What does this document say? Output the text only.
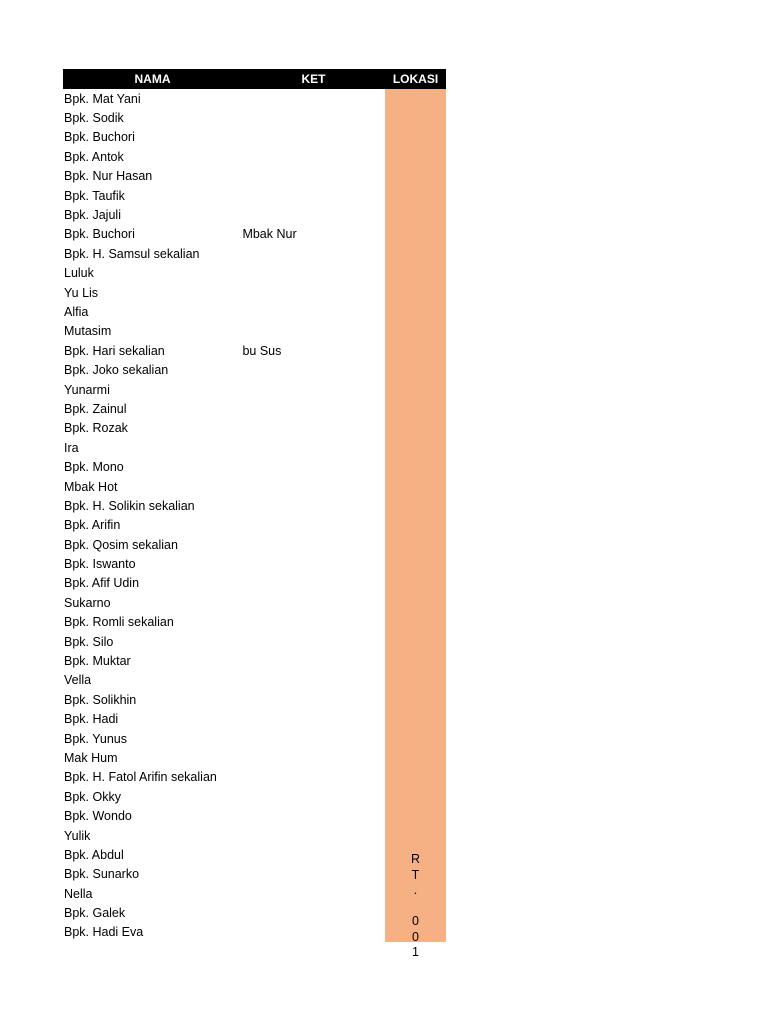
NAMA	KET	LOKASI
R
T
.

0
0
1
Bpk. Mat Yani
Bpk. Sodik
Bpk. Buchori
Bpk. Antok
Bpk. Nur Hasan
Bpk. Taufik
Bpk. Jajuli
Bpk. Buchori	Mbak Nur
Bpk. H. Samsul sekalian
Luluk
Yu Lis
Alfia
Mutasim
Bpk. Hari sekalian	bu Sus
Bpk. Joko sekalian
Yunarmi
Bpk. Zainul
Bpk. Rozak
Ira
Bpk. Mono
Mbak Hot
Bpk. H. Solikin sekalian
Bpk. Arifin
Bpk. Qosim sekalian
Bpk. Iswanto
Bpk. Afif Udin
Sukarno
Bpk. Romli sekalian
Bpk. Silo
Bpk. Muktar
Vella
Bpk. Solikhin
Bpk. Hadi
Bpk. Yunus
Mak Hum
Bpk. H. Fatol Arifin sekalian
Bpk. Okky
Bpk. Wondo
Yulik
Bpk. Abdul
Bpk. Sunarko
Nella
Bpk. Galek
Bpk. Hadi Eva
